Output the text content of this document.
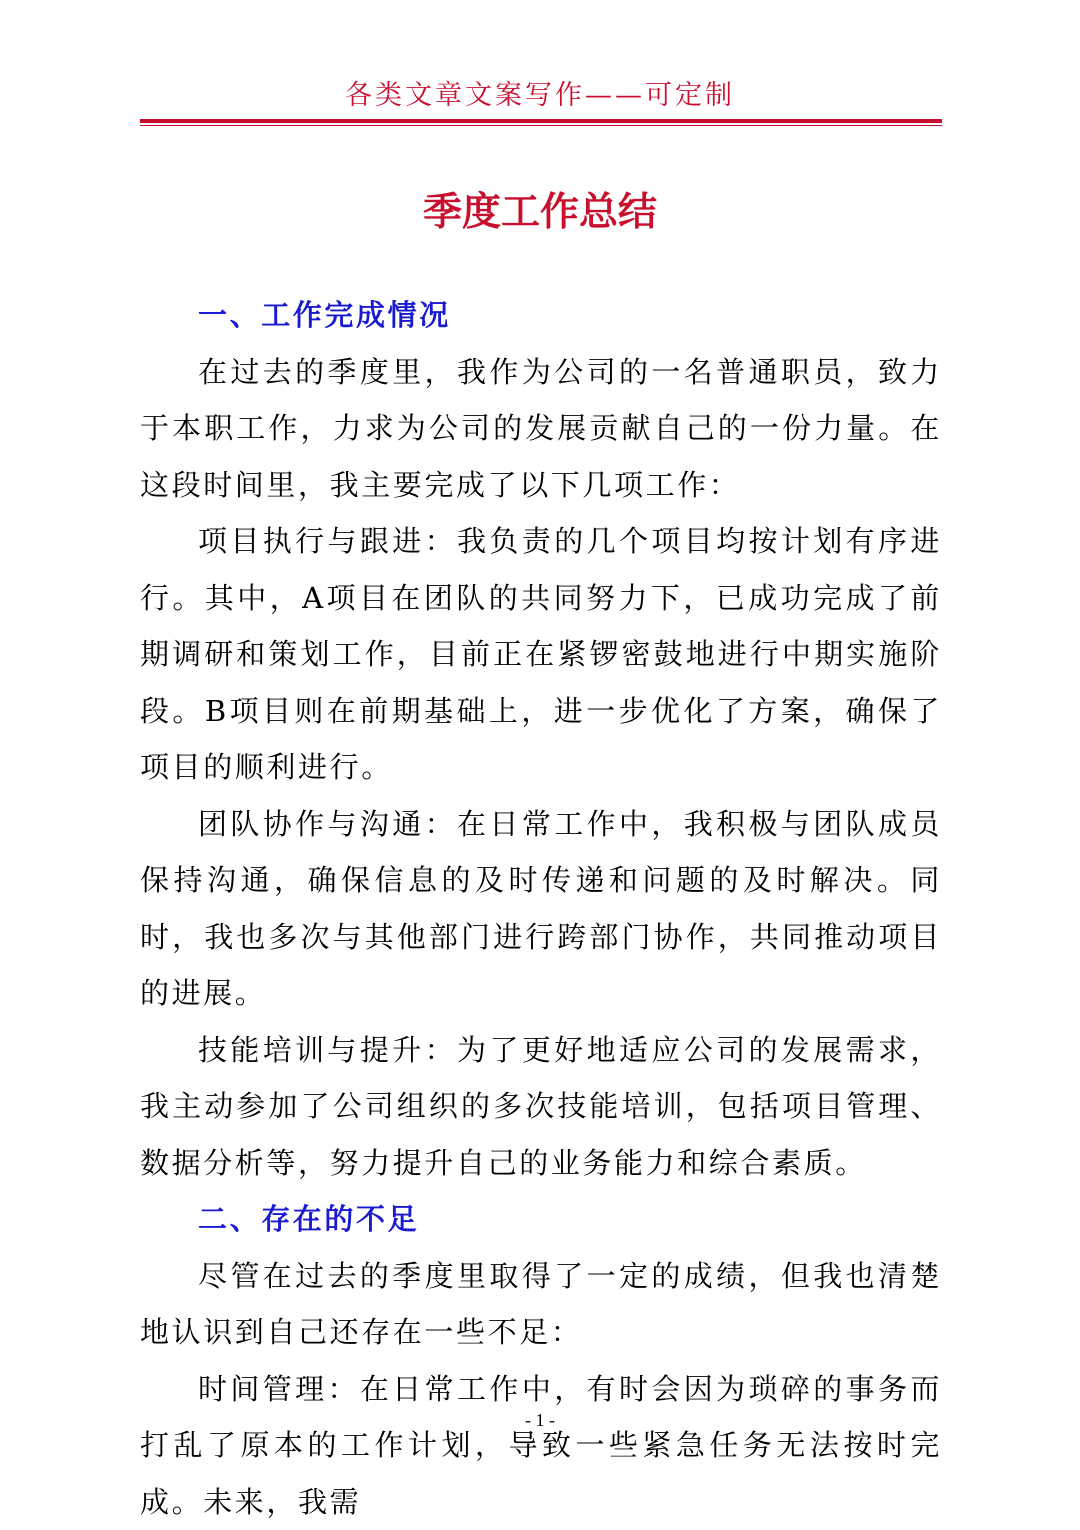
各类文章文案写作——可定制
季度工作总结
一、工作完成情况

在过去的季度里，我作为公司的一名普通职员，致力于本职工作，力求为公司的发展贡献自己的一份力量。在这段时间里，我主要完成了以下几项工作：

项目执行与跟进：我负责的几个项目均按计划有序进行。其中，A项目在团队的共同努力下，已成功完成了前期调研和策划工作，目前正在紧锣密鼓地进行中期实施阶段。B项目则在前期基础上，进一步优化了方案，确保了项目的顺利进行。

团队协作与沟通：在日常工作中，我积极与团队成员保持沟通，确保信息的及时传递和问题的及时解决。同时，我也多次与其他部门进行跨部门协作，共同推动项目的进展。

技能培训与提升：为了更好地适应公司的发展需求，我主动参加了公司组织的多次技能培训，包括项目管理、数据分析等，努力提升自己的业务能力和综合素质。

二、存在的不足

尽管在过去的季度里取得了一定的成绩，但我也清楚地认识到自己还存在一些不足：

时间管理：在日常工作中，有时会因为琐碎的事务而打乱了原本的工作计划，导致一些紧急任务无法按时完成。未来，我需

- 1 -
